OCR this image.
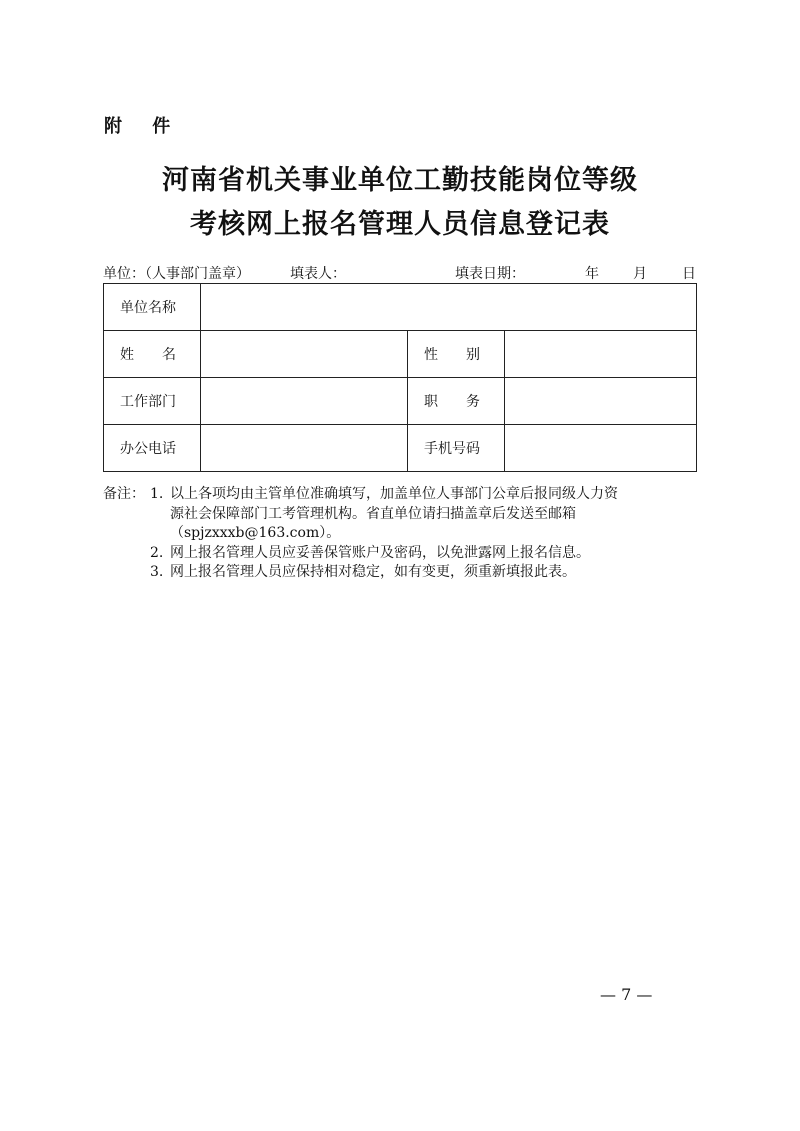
附 件
河南省机关事业单位工勤技能岗位等级
考核网上报名管理人员信息登记表
单位：（人事部门盖章）	填表人：	填表日期：	年 月	日
单位名称			
姓　　名		性　　别	
工作部门		职　　务	
办公电话		手机号码	
备注： 1. 以上各项均由主管单位准确填写，加盖单位人事部门公章后报同级人力资
源社会保障部门工考管理机构。省直单位请扫描盖章后发送至邮箱
（spjzxxxb@163.com）。
2. 网上报名管理人员应妥善保管账户及密码，以免泄露网上报名信息。
3. 网上报名管理人员应保持相对稳定，如有变更，须重新填报此表。
— 7 —
